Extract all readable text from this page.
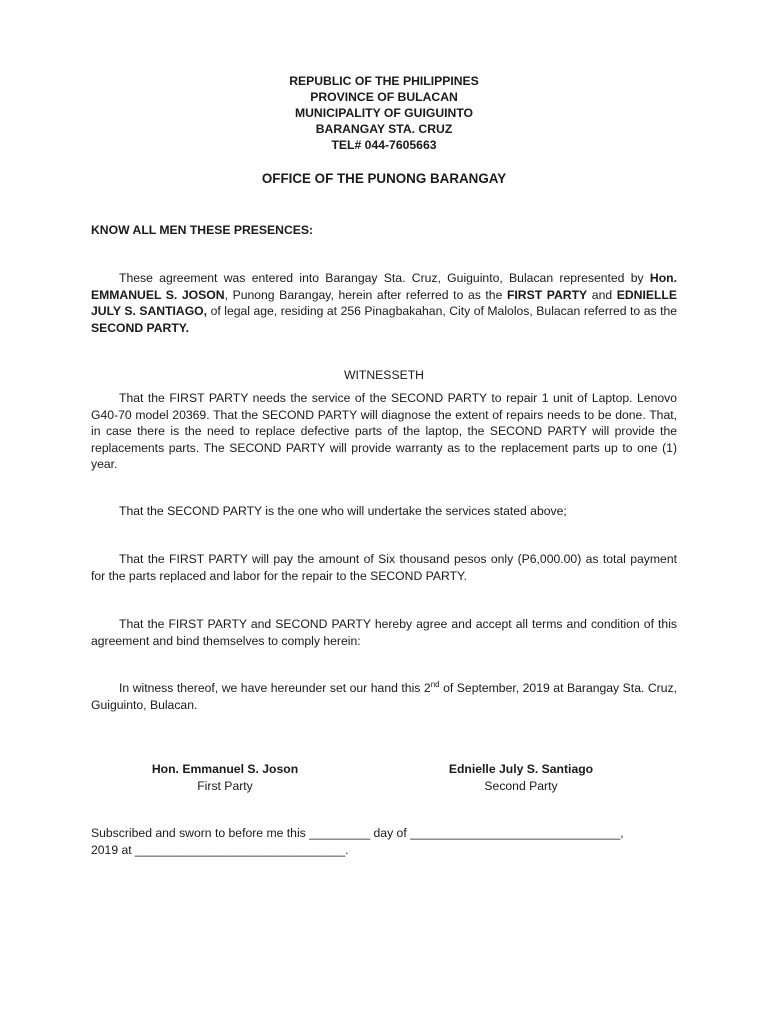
REPUBLIC OF THE PHILIPPINES
PROVINCE OF BULACAN
MUNICIPALITY OF GUIGUINTO
BARANGAY STA. CRUZ
TEL# 044-7605663
OFFICE OF THE PUNONG BARANGAY
KNOW ALL MEN THESE PRESENCES:

These agreement was entered into Barangay Sta. Cruz, Guiguinto, Bulacan represented by Hon. EMMANUEL S. JOSON, Punong Barangay, herein after referred to as the FIRST PARTY and EDNIELLE JULY S. SANTIAGO, of legal age, residing at 256 Pinagbakahan, City of Malolos, Bulacan referred to as the SECOND PARTY.

WITNESSETH

That the FIRST PARTY needs the service of the SECOND PARTY to repair 1 unit of Laptop. Lenovo G40-70 model 20369. That the SECOND PARTY will diagnose the extent of repairs needs to be done. That, in case there is the need to replace defective parts of the laptop, the SECOND PARTY will provide the replacements parts. The SECOND PARTY will provide warranty as to the replacement parts up to one (1) year.

That the SECOND PARTY is the one who will undertake the services stated above;

That the FIRST PARTY will pay the amount of Six thousand pesos only (P6,000.00) as total payment for the parts replaced and labor for the repair to the SECOND PARTY.

That the FIRST PARTY and SECOND PARTY hereby agree and accept all terms and condition of this agreement and bind themselves to comply herein:

In witness thereof, we have hereunder set our hand this 2nd of September, 2019 at Barangay Sta. Cruz, Guiguinto, Bulacan.

Hon. Emmanuel S. Joson
First Party
Ednielle July S. Santiago
Second Party
Subscribed and sworn to before me this _________ day of _______________________________,
2019 at _______________________________.
